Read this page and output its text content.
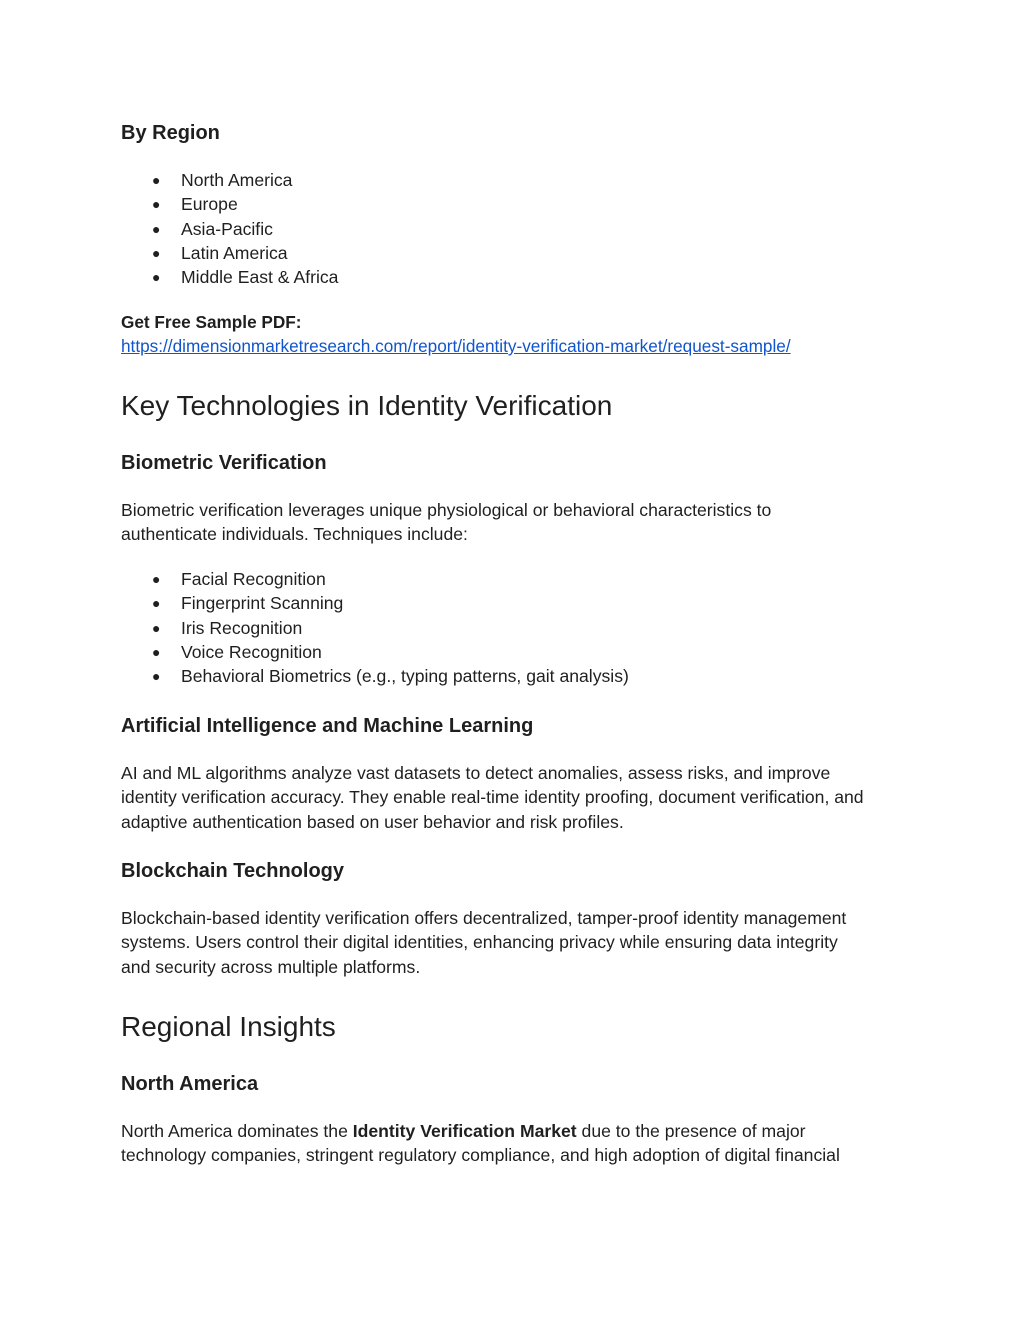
By Region
● North America
● Europe
● Asia-Pacific
● Latin America
● Middle East & Africa
Get Free Sample PDF:
https://dimensionmarketresearch.com/report/identity-verification-market/request-sample/
Key Technologies in Identity Verification
Biometric Verification
Biometric verification leverages unique physiological or behavioral characteristics to
authenticate individuals. Techniques include:
● Facial Recognition
● Fingerprint Scanning
● Iris Recognition
● Voice Recognition
● Behavioral Biometrics (e.g., typing patterns, gait analysis)
Artificial Intelligence and Machine Learning
AI and ML algorithms analyze vast datasets to detect anomalies, assess risks, and improve
identity verification accuracy. They enable real-time identity proofing, document verification, and
adaptive authentication based on user behavior and risk profiles.
Blockchain Technology
Blockchain-based identity verification offers decentralized, tamper-proof identity management
systems. Users control their digital identities, enhancing privacy while ensuring data integrity
and security across multiple platforms.
Regional Insights
North America
North America dominates the Identity Verification Market due to the presence of major
technology companies, stringent regulatory compliance, and high adoption of digital financial
